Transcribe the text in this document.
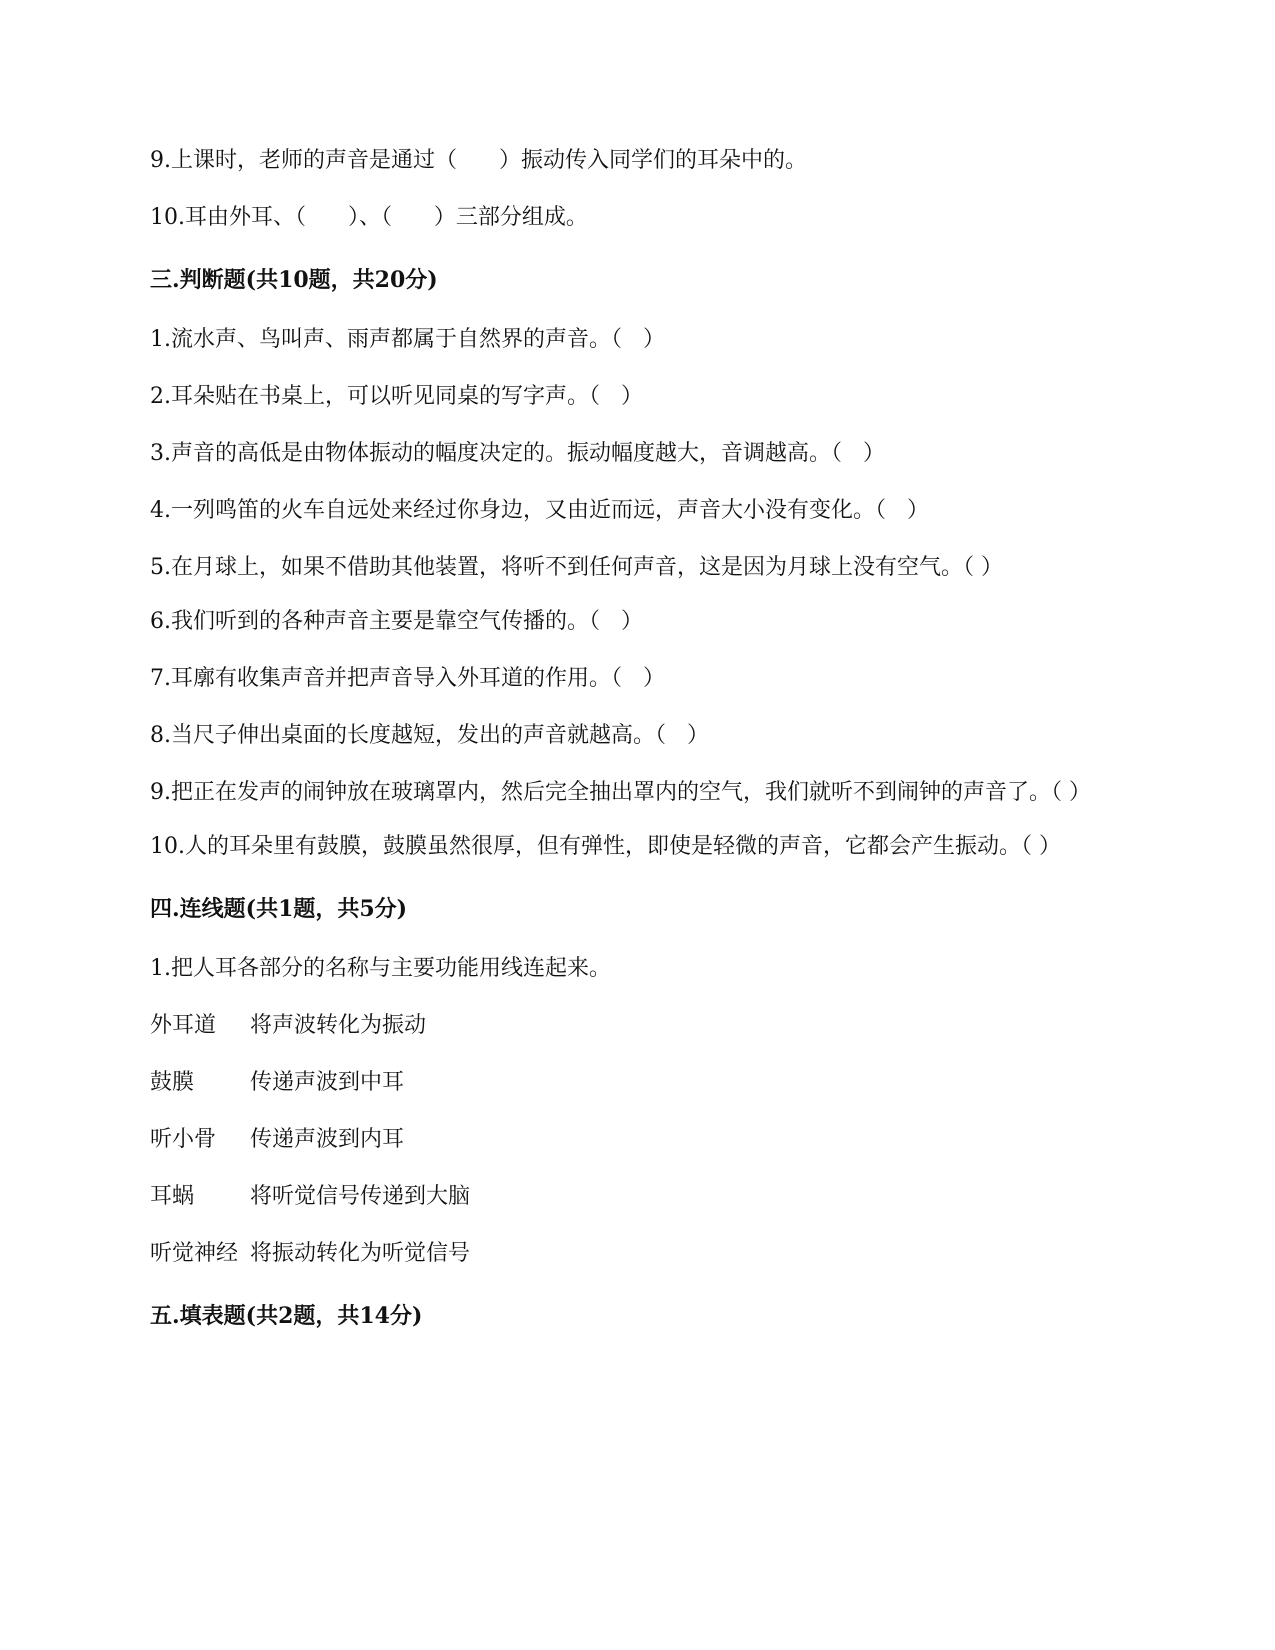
9.上课时，老师的声音是通过（      ）振动传入同学们的耳朵中的。
10.耳由外耳、（      ）、（      ）三部分组成。
三.判断题(共10题，共20分)
1.流水声、鸟叫声、雨声都属于自然界的声音。（   ）
2.耳朵贴在书桌上，可以听见同桌的写字声。（   ）
3.声音的高低是由物体振动的幅度决定的。振动幅度越大，音调越高。（   ）
4.一列鸣笛的火车自远处来经过你身边，又由近而远，声音大小没有变化。（   ）
5.在月球上，如果不借助其他装置，将听不到任何声音，这是因为月球上没有空气。（ ）
6.我们听到的各种声音主要是靠空气传播的。（   ）
7.耳廓有收集声音并把声音导入外耳道的作用。（   ）
8.当尺子伸出桌面的长度越短，发出的声音就越高。（   ）
9.把正在发声的闹钟放在玻璃罩内，然后完全抽出罩内的空气，我们就听不到闹钟的声音了。（ ）
10.人的耳朵里有鼓膜，鼓膜虽然很厚，但有弹性，即使是轻微的声音，它都会产生振动。（ ）
四.连线题(共1题，共5分)
1.把人耳各部分的名称与主要功能用线连起来。
外耳道	将声波转化为振动
鼓膜	传递声波到中耳
听小骨	传递声波到内耳
耳蜗	将听觉信号传递到大脑
听觉神经 将振动转化为听觉信号
五.填表题(共2题，共14分)
